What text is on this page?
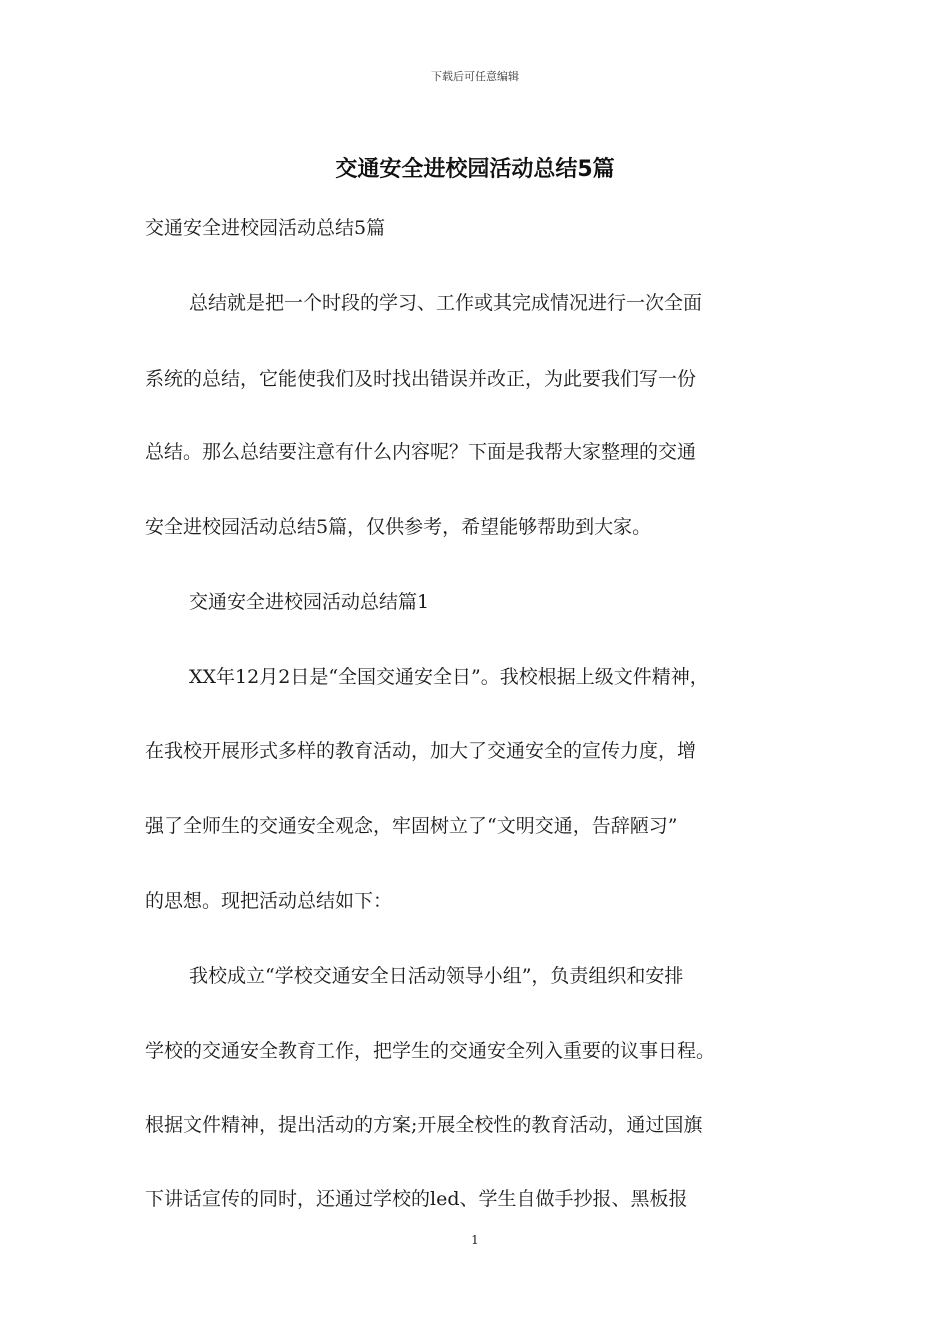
下载后可任意编辑
交通安全进校园活动总结5篇
交通安全进校园活动总结5篇
总结就是把一个时段的学习、工作或其完成情况进行一次全面
系统的总结，它能使我们及时找出错误并改正，为此要我们写一份
总结。那么总结要注意有什么内容呢？下面是我帮大家整理的交通
安全进校园活动总结5篇，仅供参考，希望能够帮助到大家。
交通安全进校园活动总结篇1
XX年12月2日是“全国交通安全日”。我校根据上级文件精神，
在我校开展形式多样的教育活动，加大了交通安全的宣传力度，增
强了全师生的交通安全观念，牢固树立了“文明交通，告辞陋习”
的思想。现把活动总结如下：
我校成立“学校交通安全日活动领导小组”，负责组织和安排
学校的交通安全教育工作，把学生的交通安全列入重要的议事日程。
根据文件精神，提出活动的方案;开展全校性的教育活动，通过国旗
下讲话宣传的同时，还通过学校的led、学生自做手抄报、黑板报
1
